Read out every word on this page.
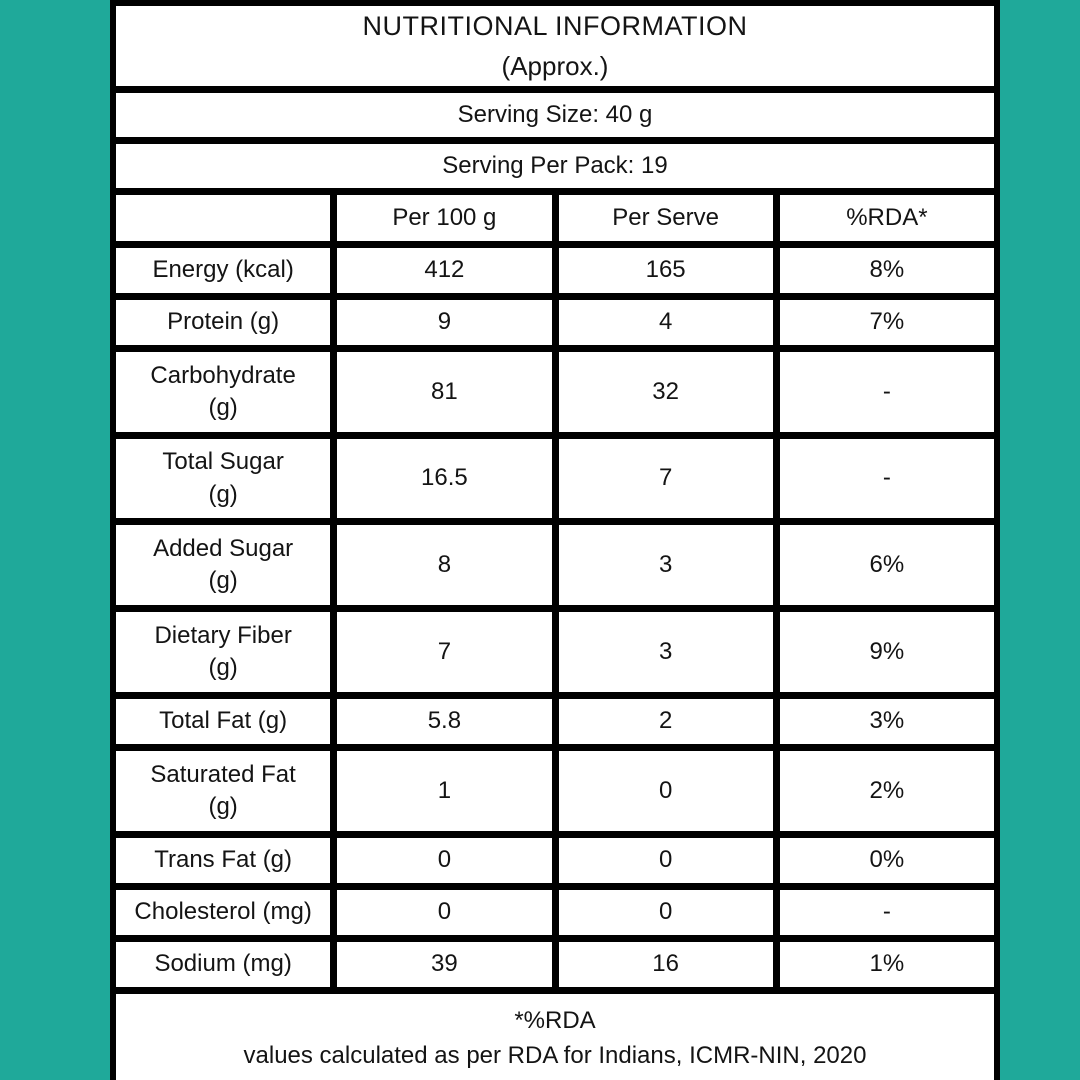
NUTRITIONAL INFORMATION
(Approx.)
Serving Size: 40 g
Serving Per Pack: 19
Per 100 g	Per Serve	%RDA*
Energy (kcal)	412	165	8%
Protein (g)	9	4	7%
Carbohydrate
(g)
81	32	-
Total Sugar
(g)
16.5	7	-
Added Sugar
(g)
8	3	6%
Dietary Fiber
(g)
7	3	9%
Total Fat (g)	5.8	2	3%
Saturated Fat
(g)
1	0	2%
Trans Fat (g)	0	0	0%
Cholesterol (mg)	0	0	-
Sodium (mg)	39	16	1%
*%RDA
values calculated as per RDA for Indians, ICMR-NIN, 2020
